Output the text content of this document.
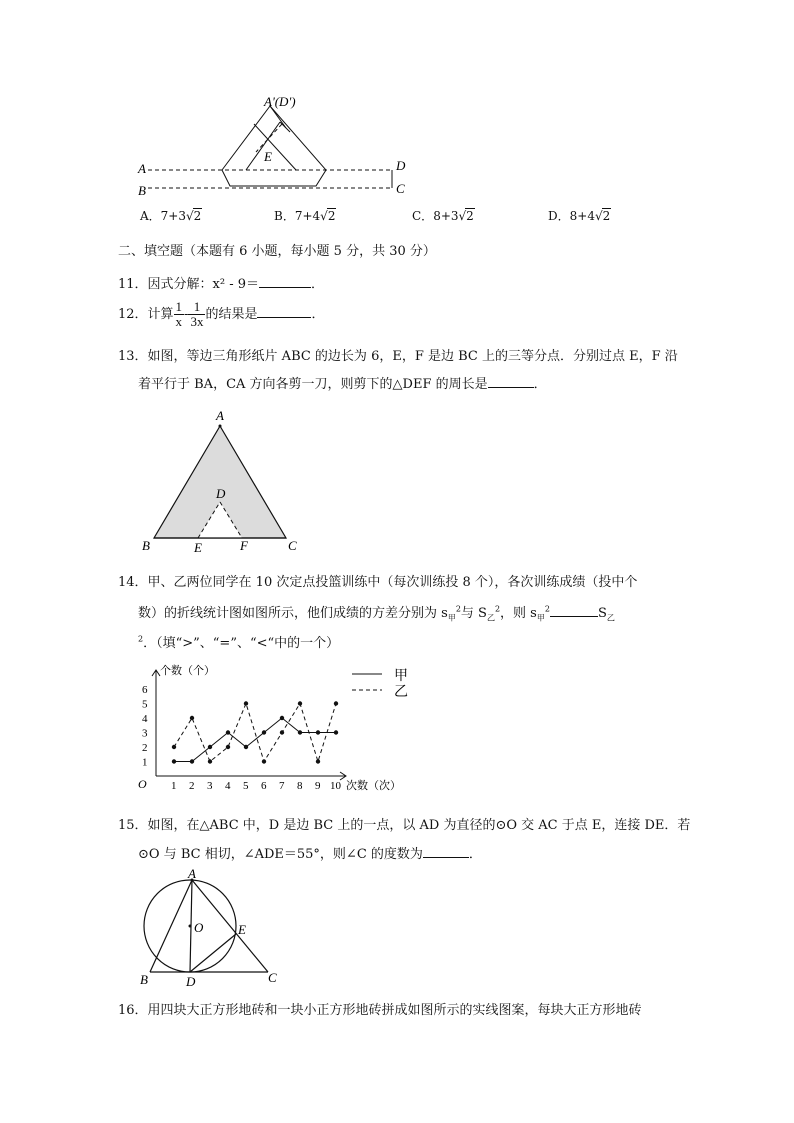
A'(D')
A
B
D
C
E
A．7+3√2	B．7+4√2	C．8+3√2	D．8+4√2
二、填空题（本题有 6 小题，每小题 5 分，共 30 分）
11．因式分解：x² - 9＝	．
12．计算 $\frac{1}{x} - \frac{1}{3x}$ 的结果是	．
13．如图，等边三角形纸片 ABC 的边长为 6，E，F 是边 BC 上的三等分点．分别过点 E，F 沿
着平行于 BA，CA 方向各剪一刀，则剪下的△DEF 的周长是	．
A
B	C
D
E	F
14．甲、乙两位同学在 10 次定点投篮训练中（每次训练投 8 个），各次训练成绩（投中个
数）的折线统计图如图所示，他们成绩的方差分别为 $s_甲^2$与 $S_乙^2$，则 $s_甲^2$	$S_乙$
$^2$．（填“>”、“=”、“<“中的一个）
个数（个）
次数（次）
O 1 2 3 4 5 6 7 8 9 10
1
2
3
4
5
6
甲
乙
15．如图，在△ABC 中，D 是边 BC 上的一点，以 AD 为直径的⊙O 交 AC 于点 E，连接 DE．若
⊙O 与 BC 相切，∠ADE＝55°，则∠C 的度数为	．
A
O	E
B	D	C
16．用四块大正方形地砖和一块小正方形地砖拼成如图所示的实线图案，每块大正方形地砖
